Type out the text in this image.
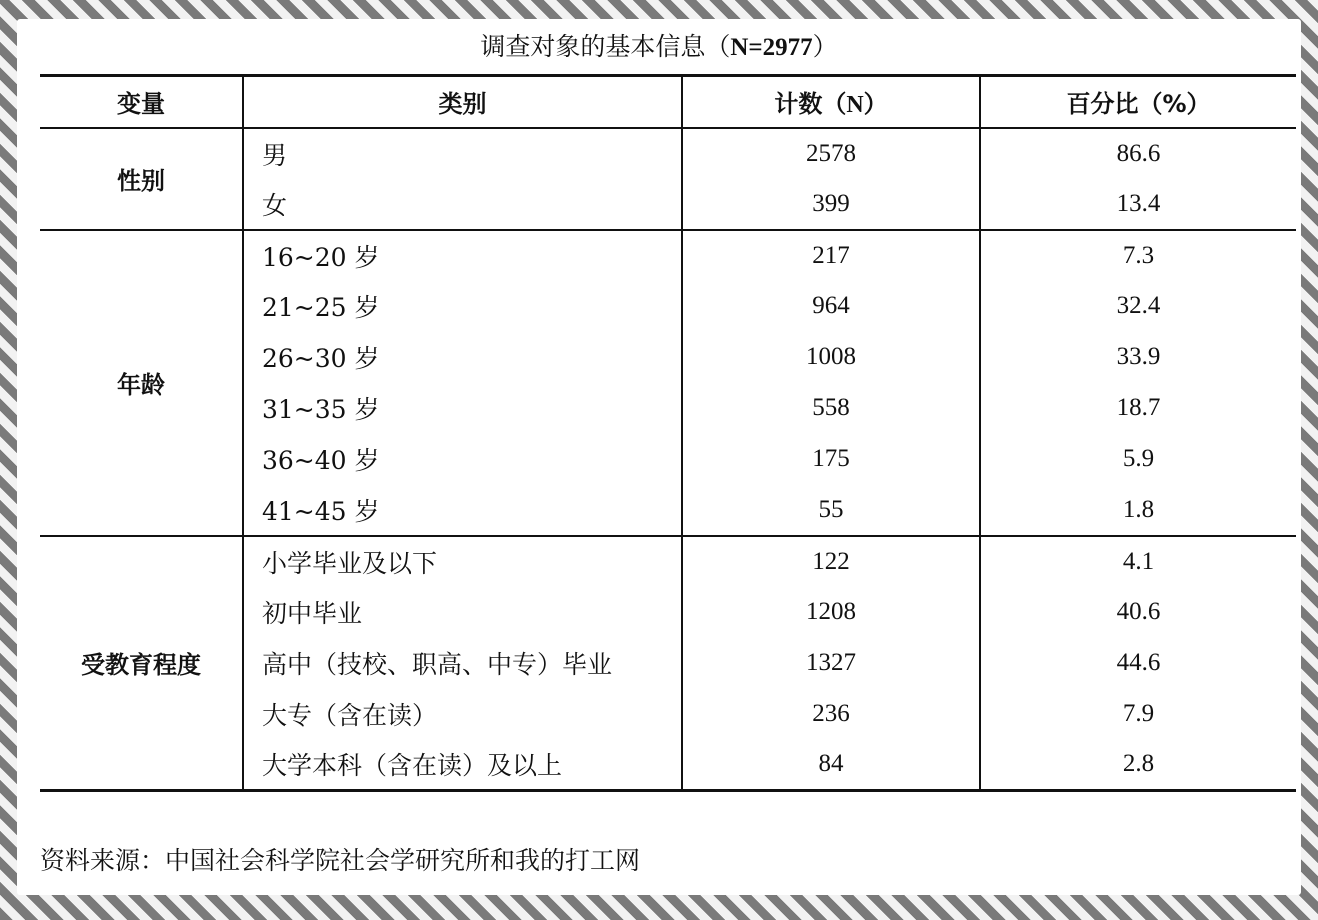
调查对象的基本信息（N=2977）
变量	类别	计数（N）	百分比（%）
性别	男	2578	86.6
	女	399	13.4
年龄	16~20 岁	217	7.3
	21~25 岁	964	32.4
	26~30 岁	1008	33.9
	31~35 岁	558	18.7
	36~40 岁	175	5.9
	41~45 岁	55	1.8
受教育程度	小学毕业及以下	122	4.1
	初中毕业	1208	40.6
	高中（技校、职高、中专）毕业	1327	44.6
	大专（含在读）	236	7.9
	大学本科（含在读）及以上	84	2.8
资料来源：中国社会科学院社会学研究所和我的打工网
